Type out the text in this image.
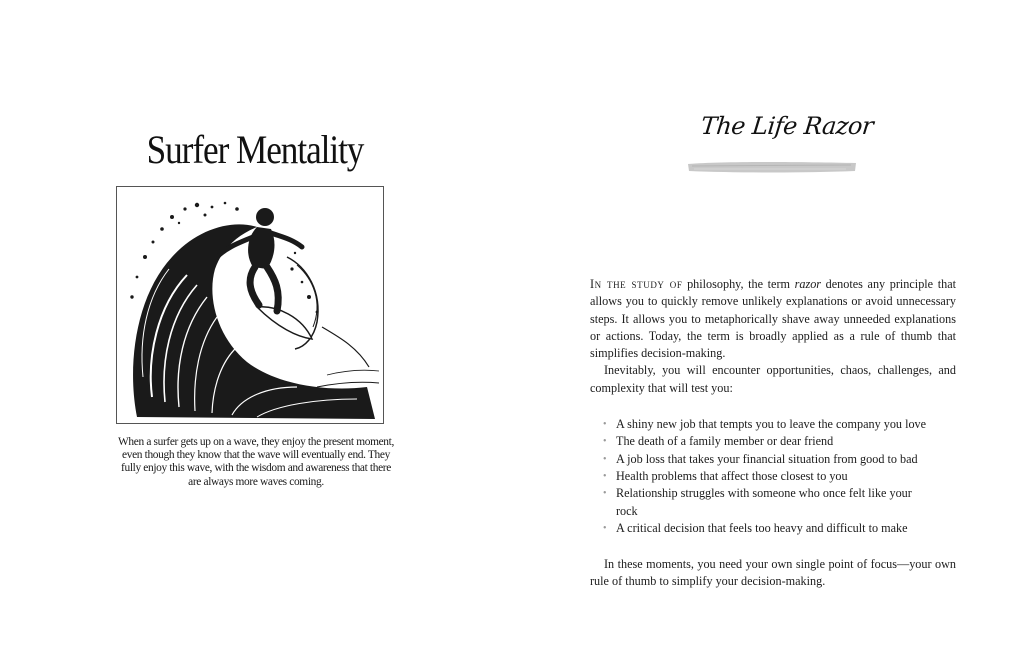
Surfer Mentality
When a surfer gets up on a wave, they enjoy the present moment, even though they know that the wave will eventually end. They fully enjoy this wave, with the wisdom and awareness that there are always more waves coming.
The Life Razor

In the study of philosophy, the term razor denotes any principle that allows you to quickly remove unlikely explanations or avoid unnecessary steps. It allows you to metaphorically shave away unneeded explanations or actions. Today, the term is broadly applied as a rule of thumb that simplifies decision-making.

Inevitably, you will encounter opportunities, chaos, challenges, and complexity that will test you:

• A shiny new job that tempts you to leave the company you love
• The death of a family member or dear friend
• A job loss that takes your financial situation from good to bad
• Health problems that affect those closest to you
• Relationship struggles with someone who once felt like your rock
• A critical decision that feels too heavy and difficult to make

In these moments, you need your own single point of focus—your own rule of thumb to simplify your decision-making.
